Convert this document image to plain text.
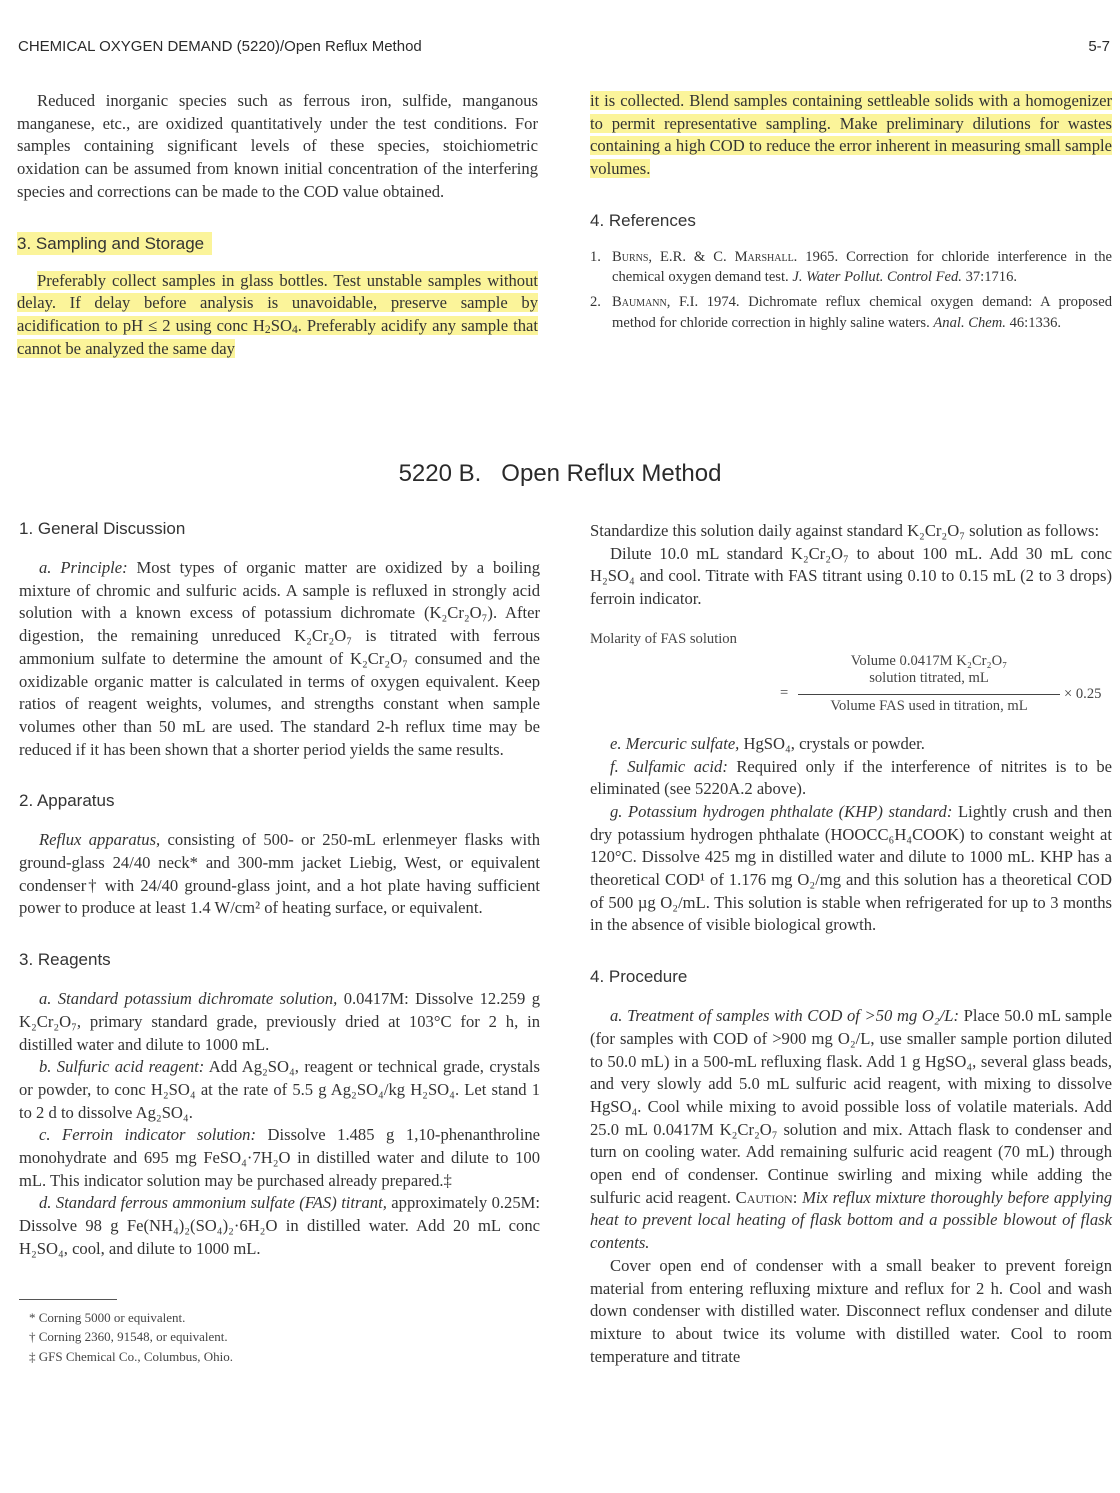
CHEMICAL OXYGEN DEMAND (5220)/Open Reflux Method	5-7

Reduced inorganic species such as ferrous iron, sulfide, manganous manganese, etc., are oxidized quantitatively under the test conditions. For samples containing significant levels of these species, stoichiometric oxidation can be assumed from known initial concentration of the interfering species and corrections can be made to the COD value obtained.

3. Sampling and Storage

Preferably collect samples in glass bottles. Test unstable samples without delay. If delay before analysis is unavoidable, preserve sample by acidification to pH ≤ 2 using conc $H_2SO_4$. Preferably acidify any sample that cannot be analyzed the same day

it is collected. Blend samples containing settleable solids with a homogenizer to permit representative sampling. Make preliminary dilutions for wastes containing a high COD to reduce the error inherent in measuring small sample volumes.

4. References
1. Burns, E.R. & C. Marshall. 1965. Correction for chloride interference in the chemical oxygen demand test. J. Water Pollut. Control Fed. 37:1716.
2. Baumann, F.I. 1974. Dichromate reflux chemical oxygen demand: A proposed method for chloride correction in highly saline waters. Anal. Chem. 46:1336.
5220 B.   Open Reflux Method
1. General Discussion

a. Principle: Most types of organic matter are oxidized by a boiling mixture of chromic and sulfuric acids. A sample is refluxed in strongly acid solution with a known excess of potassium dichromate (K₂Cr₂O₇). After digestion, the remaining unreduced K₂Cr₂O₇ is titrated with ferrous ammonium sulfate to determine the amount of K₂Cr₂O₇ consumed and the oxidizable organic matter is calculated in terms of oxygen equivalent. Keep ratios of reagent weights, volumes, and strengths constant when sample volumes other than 50 mL are used. The standard 2-h reflux time may be reduced if it has been shown that a shorter period yields the same results.

2. Apparatus

Reflux apparatus, consisting of 500- or 250-mL erlenmeyer flasks with ground-glass 24/40 neck* and 300-mm jacket Liebig, West, or equivalent condenser† with 24/40 ground-glass joint, and a hot plate having sufficient power to produce at least 1.4 W/cm² of heating surface, or equivalent.

3. Reagents

a. Standard potassium dichromate solution, 0.0417M: Dissolve 12.259 g K₂Cr₂O₇, primary standard grade, previously dried at 103°C for 2 h, in distilled water and dilute to 1000 mL.

b. Sulfuric acid reagent: Add Ag₂SO₄, reagent or technical grade, crystals or powder, to conc H₂SO₄ at the rate of 5.5 g Ag₂SO₄/kg H₂SO₄. Let stand 1 to 2 d to dissolve Ag₂SO₄.

c. Ferroin indicator solution: Dissolve 1.485 g 1,10-phenanthroline monohydrate and 695 mg FeSO₄·7H₂O in distilled water and dilute to 100 mL. This indicator solution may be purchased already prepared.‡

d. Standard ferrous ammonium sulfate (FAS) titrant, approximately 0.25M: Dissolve 98 g Fe(NH₄)₂(SO₄)₂·6H₂O in distilled water. Add 20 mL conc H₂SO₄, cool, and dilute to 1000 mL.

* Corning 5000 or equivalent.
† Corning 2360, 91548, or equivalent.
‡ GFS Chemical Co., Columbus, Ohio.

Standardize this solution daily against standard K₂Cr₂O₇ solution as follows:

Dilute 10.0 mL standard K₂Cr₂O₇ to about 100 mL. Add 30 mL conc H₂SO₄ and cool. Titrate with FAS titrant using 0.10 to 0.15 mL (2 to 3 drops) ferroin indicator.

Molarity of FAS solution
Volume 0.0417M K₂Cr₂O₇
solution titrated, mL
Volume FAS used in titration, mL
=	× 0.25

e. Mercuric sulfate, HgSO₄, crystals or powder.

f. Sulfamic acid: Required only if the interference of nitrites is to be eliminated (see 5220A.2 above).

g. Potassium hydrogen phthalate (KHP) standard: Lightly crush and then dry potassium hydrogen phthalate (HOOCC₆H₄COOK) to constant weight at 120°C. Dissolve 425 mg in distilled water and dilute to 1000 mL. KHP has a theoretical COD¹ of 1.176 mg O₂/mg and this solution has a theoretical COD of 500 µg O₂/mL. This solution is stable when refrigerated for up to 3 months in the absence of visible biological growth.

4. Procedure

a. Treatment of samples with COD of >50 mg O₂/L: Place 50.0 mL sample (for samples with COD of >900 mg O₂/L, use smaller sample portion diluted to 50.0 mL) in a 500-mL refluxing flask. Add 1 g HgSO₄, several glass beads, and very slowly add 5.0 mL sulfuric acid reagent, with mixing to dissolve HgSO₄. Cool while mixing to avoid possible loss of volatile materials. Add 25.0 mL 0.0417M K₂Cr₂O₇ solution and mix. Attach flask to condenser and turn on cooling water. Add remaining sulfuric acid reagent (70 mL) through open end of condenser. Continue swirling and mixing while adding the sulfuric acid reagent. Caution: Mix reflux mixture thoroughly before applying heat to prevent local heating of flask bottom and a possible blowout of flask contents.

Cover open end of condenser with a small beaker to prevent foreign material from entering refluxing mixture and reflux for 2 h. Cool and wash down condenser with distilled water. Disconnect reflux condenser and dilute mixture to about twice its volume with distilled water. Cool to room temperature and titrate
